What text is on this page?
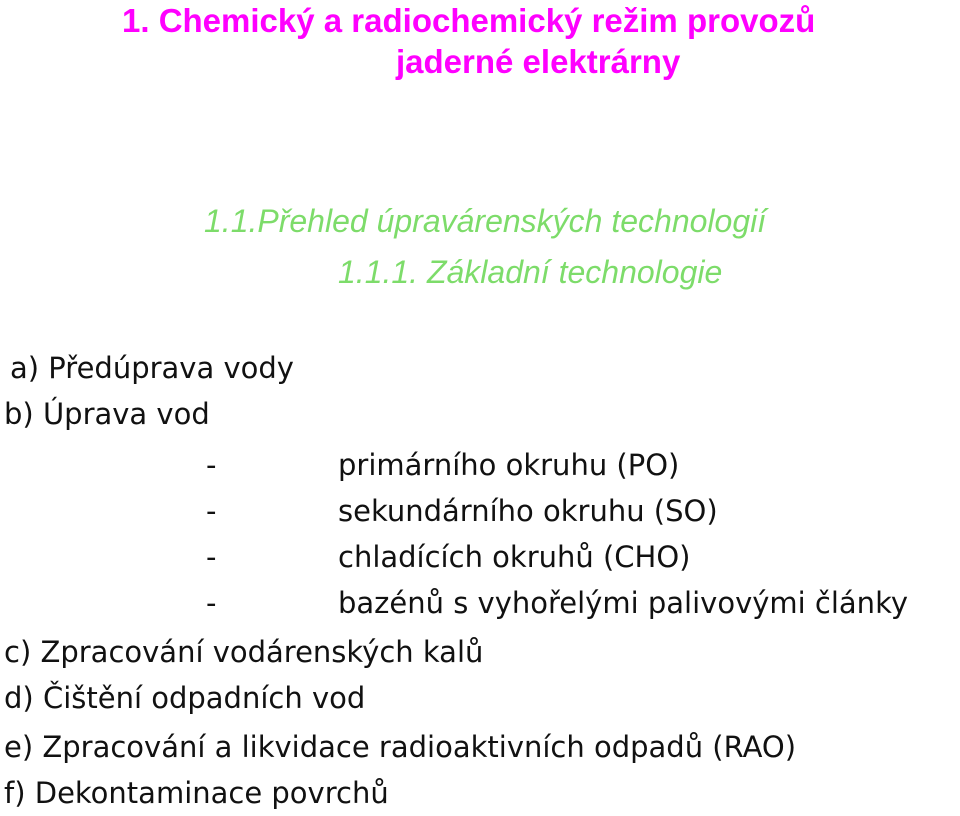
1. Chemický a radiochemický režim provozů
jaderné elektrárny
1.1.Přehled úpravárenských technologií
1.1.1. Základní technologie
a) Předúprava vody
b) Úprava vod
-	primárního okruhu (PO)
-	sekundárního okruhu (SO)
-	chladících okruhů (CHO)
-	bazénů s vyhořelými palivovými články
c) Zpracování vodárenských kalů
d) Čištění odpadních vod
e) Zpracování a likvidace radioaktivních odpadů (RAO)
f) Dekontaminace povrchů
